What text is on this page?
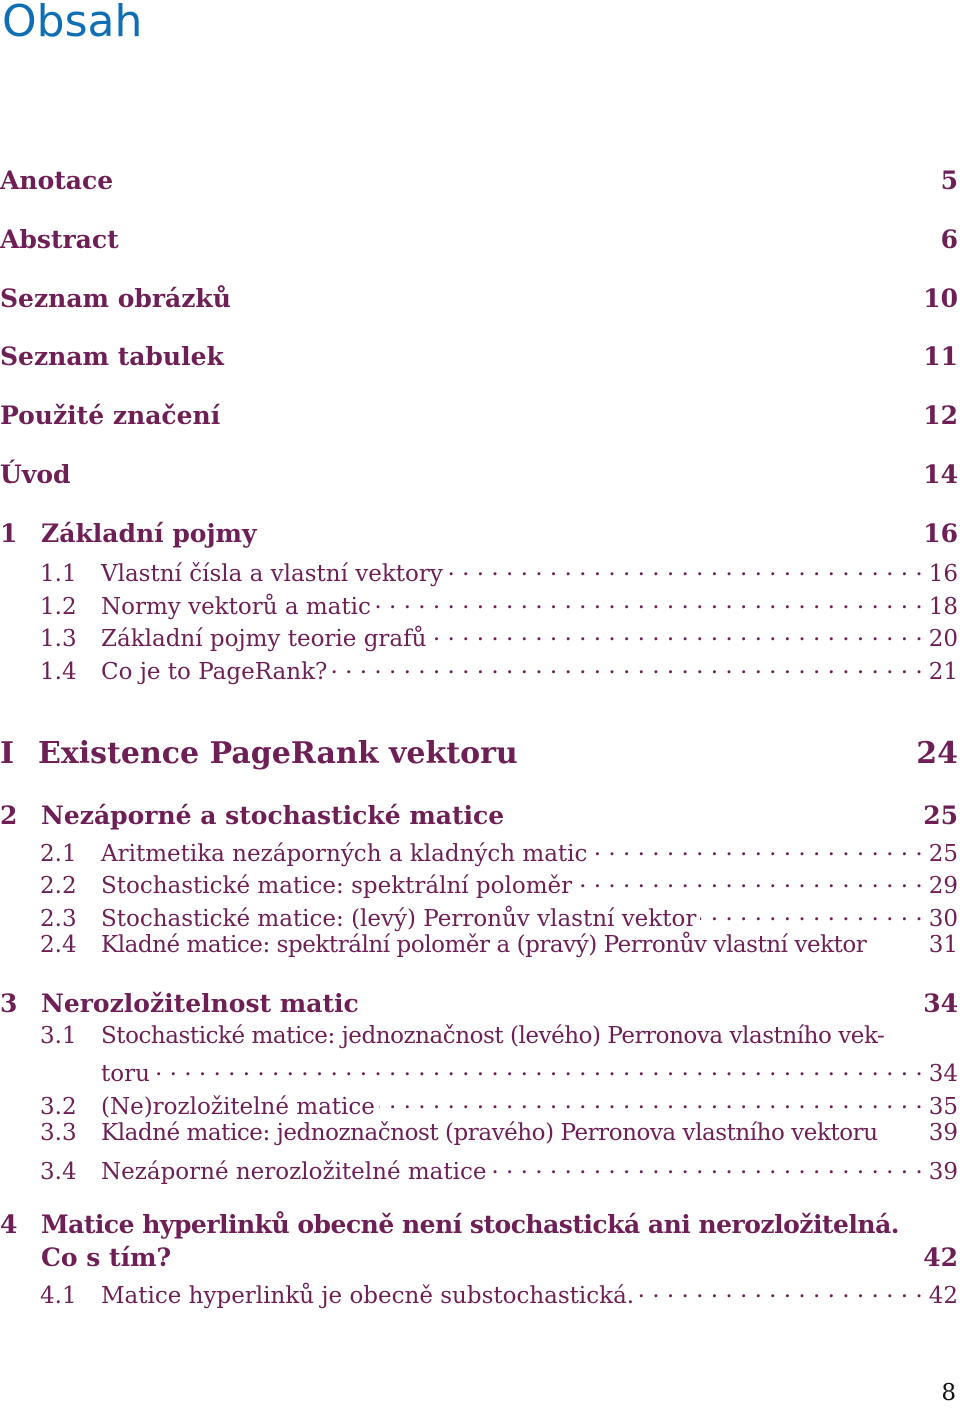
Obsah
Anotace	5
Abstract	6
Seznam obrázků	10
Seznam tabulek	11
Použité značení	12
Úvod	14
1 Základní pojmy	16
1.1	Vlastní čísla a vlastní vektory . . .	16
1.2	Normy vektorů a matic . . .	18
1.3	Základní pojmy teorie grafů . . .	20
1.4	Co je to PageRank? . . .	21
I Existence PageRank vektoru	24
2 Nezáporné a stochastické matice	25
2.1	Aritmetika nezáporných a kladných matic . . .	25
2.2	Stochastické matice: spektrální poloměr . . .	29
2.3	Stochastické matice: (levý) Perronův vlastní vektor . . .	30
2.4	Kladné matice: spektrální poloměr a (pravý) Perronův vlastní vektor	31
3 Nerozložitelnost matic	34
3.1	Stochastické matice: jednoznačnost (levého) Perronova vlastního vek-
toru . . .	34
3.2	(Ne)rozložitelné matice . . .	35
3.3	Kladné matice: jednoznačnost (pravého) Perronova vlastního vektoru 39
3.4	Nezáporné nerozložitelné matice . . .	39
4 Matice hyperlinků obecně není stochastická ani nerozložitelná.
Co s tím?	42
4.1	Matice hyperlinků je obecně substochastická. . . .	42
8
